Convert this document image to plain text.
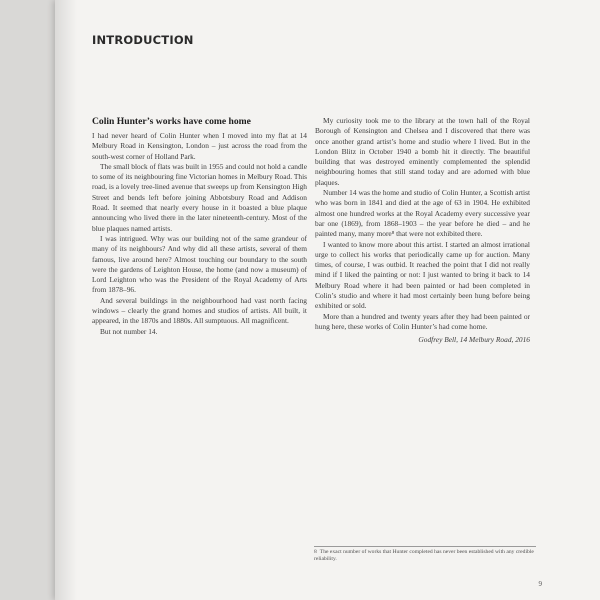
INTRODUCTION
Colin Hunter’s works have come home

I had never heard of Colin Hunter when I moved into my flat at 14 Melbury Road in Kensington, London – just across the road from the south-west corner of Holland Park.

The small block of flats was built in 1955 and could not hold a candle to some of its neighbouring fine Victorian homes in Melbury Road. This road, is a lovely tree-lined avenue that sweeps up from Kensington High Street and bends left before joining Abbotsbury Road and Addison Road. It seemed that nearly every house in it boasted a blue plaque announcing who lived there in the later nineteenth-century. Most of the blue plaques named artists.

I was intrigued. Why was our building not of the same grandeur of many of its neighbours? And why did all these artists, several of them famous, live around here? Almost touching our boundary to the south were the gardens of Leighton House, the home (and now a museum) of Lord Leighton who was the President of the Royal Academy of Arts from 1878–96.

And several buildings in the neighbourhood had vast north facing windows – clearly the grand homes and studios of artists. All built, it appeared, in the 1870s and 1880s. All sumptuous. All magnificent.

But not number 14.

My curiosity took me to the library at the town hall of the Royal Borough of Kensington and Chelsea and I discovered that there was once another grand artist’s home and studio where I lived. But in the London Blitz in October 1940 a bomb hit it directly. The beautiful building that was destroyed eminently complemented the splendid neighbouring homes that still stand today and are adorned with blue plaques.

Number 14 was the home and studio of Colin Hunter, a Scottish artist who was born in 1841 and died at the age of 63 in 1904. He exhibited almost one hundred works at the Royal Academy every successive year bar one (1869), from 1868–1903 – the year before he died – and he painted many, many more⁸ that were not exhibited there.

I wanted to know more about this artist. I started an almost irrational urge to collect his works that periodically came up for auction. Many times, of course, I was outbid. It reached the point that I did not really mind if I liked the painting or not: I just wanted to bring it back to 14 Melbury Road where it had been painted or had been completed in Colin’s studio and where it had most certainly been hung before being exhibited or sold.

More than a hundred and twenty years after they had been painted or hung here, these works of Colin Hunter’s had come home.

Godfrey Bell, 14 Melbury Road, 2016
8 The exact number of works that Hunter completed has never been established with any credible reliability.
9
